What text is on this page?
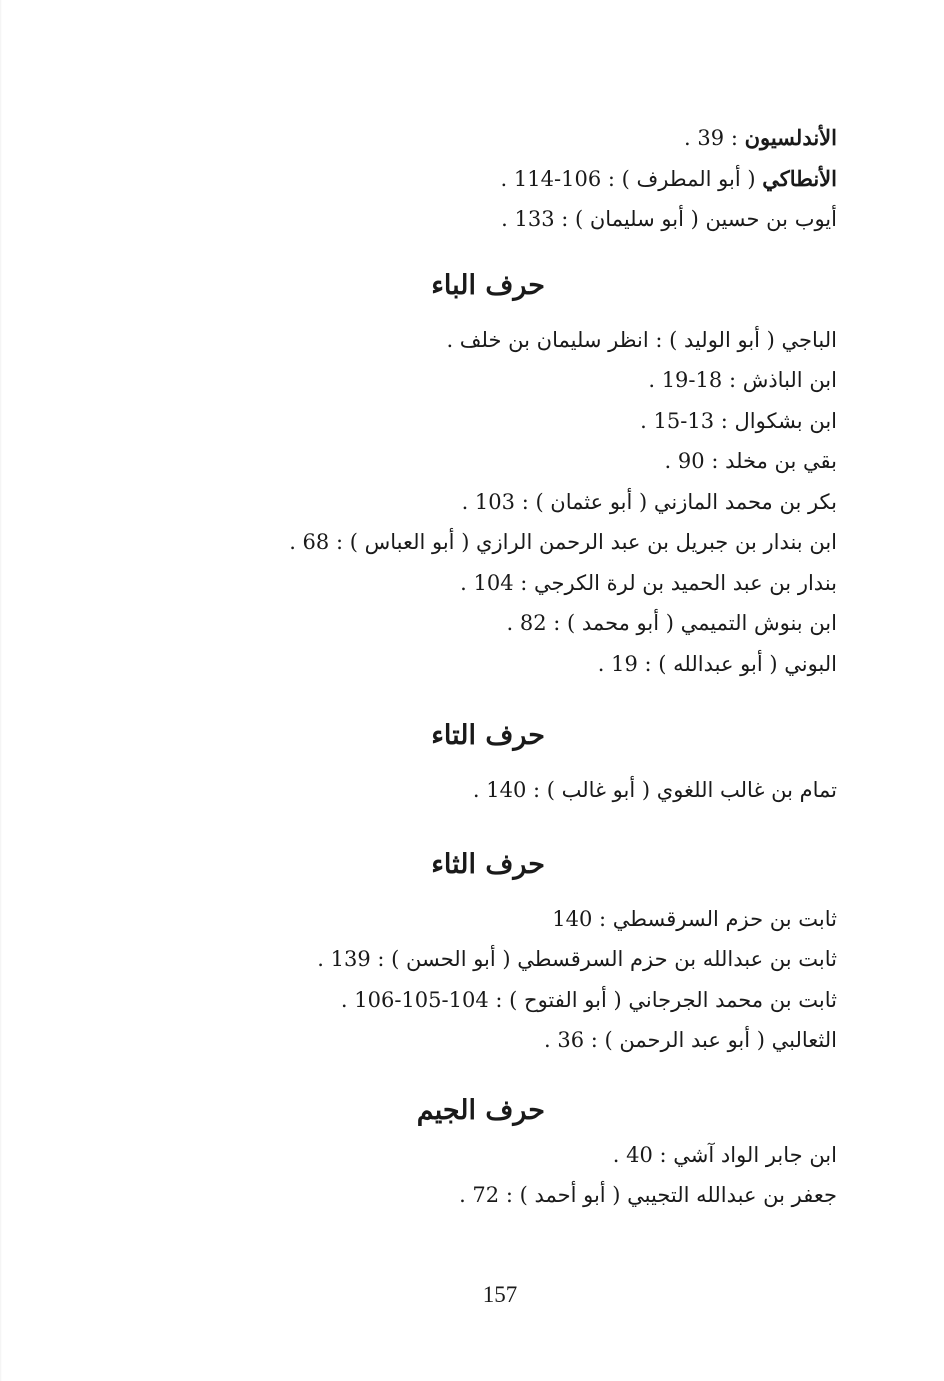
الأندلسيون : 39 .
الأنطاكي ( أبو المطرف ) : 106-114 .
أيوب بن حسين ( أبو سليمان ) : 133 .
حرف الباء
الباجي ( أبو الوليد ) : انظر سليمان بن خلف .
ابن الباذش : 18-19 .
ابن بشكوال : 13-15 .
بقي بن مخلد : 90 .
بكر بن محمد المازني ( أبو عثمان ) : 103 .
ابن بندار بن جبريل بن عبد الرحمن الرازي ( أبو العباس ) : 68 .
بندار بن عبد الحميد بن لرة الكرجي : 104 .
ابن بنوش التميمي ( أبو محمد ) : 82 .
البوني ( أبو عبدالله ) : 19 .
حرف التاء
تمام بن غالب اللغوي ( أبو غالب ) : 140 .
حرف الثاء
ثابت بن حزم السرقسطي : 140
ثابت بن عبدالله بن حزم السرقسطي ( أبو الحسن ) : 139 .
ثابت بن محمد الجرجاني ( أبو الفتوح ) : 104-105-106 .
الثعالبي ( أبو عبد الرحمن ) : 36 .
حرف الجيم
ابن جابر الواد آشي : 40 .
جعفر بن عبدالله التجيبي ( أبو أحمد ) : 72 .
157
